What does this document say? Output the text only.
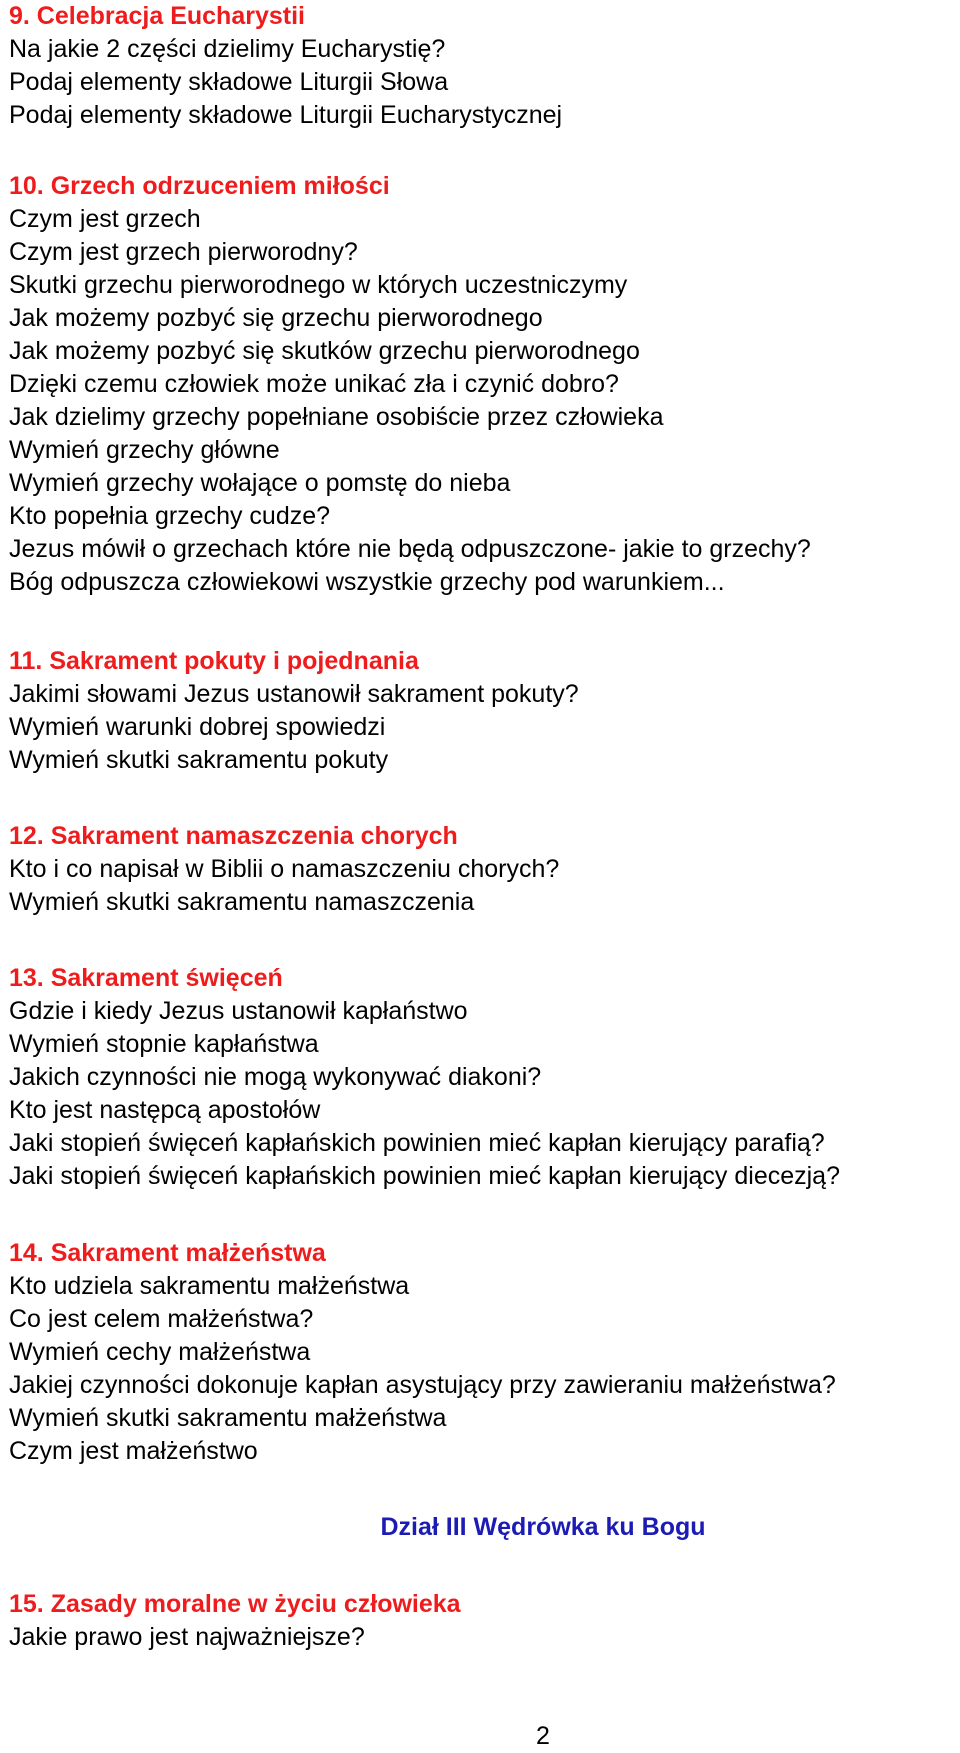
9. Celebracja Eucharystii
Na jakie 2 części dzielimy Eucharystię?
Podaj elementy składowe Liturgii Słowa
Podaj elementy składowe Liturgii Eucharystycznej
10. Grzech odrzuceniem miłości
Czym jest grzech
Czym jest grzech pierworodny?
Skutki grzechu pierworodnego w których uczestniczymy
Jak możemy pozbyć się grzechu pierworodnego
Jak możemy pozbyć się skutków grzechu pierworodnego
Dzięki czemu człowiek może unikać zła i czynić dobro?
Jak dzielimy grzechy popełniane osobiście przez człowieka
Wymień grzechy główne
Wymień grzechy wołające o pomstę do nieba
Kto popełnia grzechy cudze?
Jezus mówił o grzechach które nie będą odpuszczone- jakie to grzechy?
Bóg odpuszcza człowiekowi wszystkie grzechy pod warunkiem...
11. Sakrament pokuty i pojednania
Jakimi słowami Jezus ustanowił sakrament pokuty?
Wymień warunki dobrej spowiedzi
Wymień skutki sakramentu pokuty
12. Sakrament namaszczenia chorych
Kto i co napisał w Biblii o namaszczeniu chorych?
Wymień skutki sakramentu namaszczenia
13. Sakrament święceń
Gdzie i kiedy Jezus ustanowił kapłaństwo
Wymień stopnie kapłaństwa
Jakich czynności nie mogą wykonywać diakoni?
Kto jest następcą apostołów
Jaki stopień święceń kapłańskich powinien mieć kapłan kierujący parafią?
Jaki stopień święceń kapłańskich powinien mieć kapłan kierujący diecezją?
14. Sakrament małżeństwa
Kto udziela sakramentu małżeństwa
Co jest celem małżeństwa?
Wymień cechy małżeństwa
Jakiej czynności dokonuje kapłan asystujący przy zawieraniu małżeństwa?
Wymień skutki sakramentu małżeństwa
Czym jest małżeństwo
Dział III Wędrówka ku Bogu
15. Zasady moralne w życiu człowieka
Jakie prawo jest najważniejsze?
2
